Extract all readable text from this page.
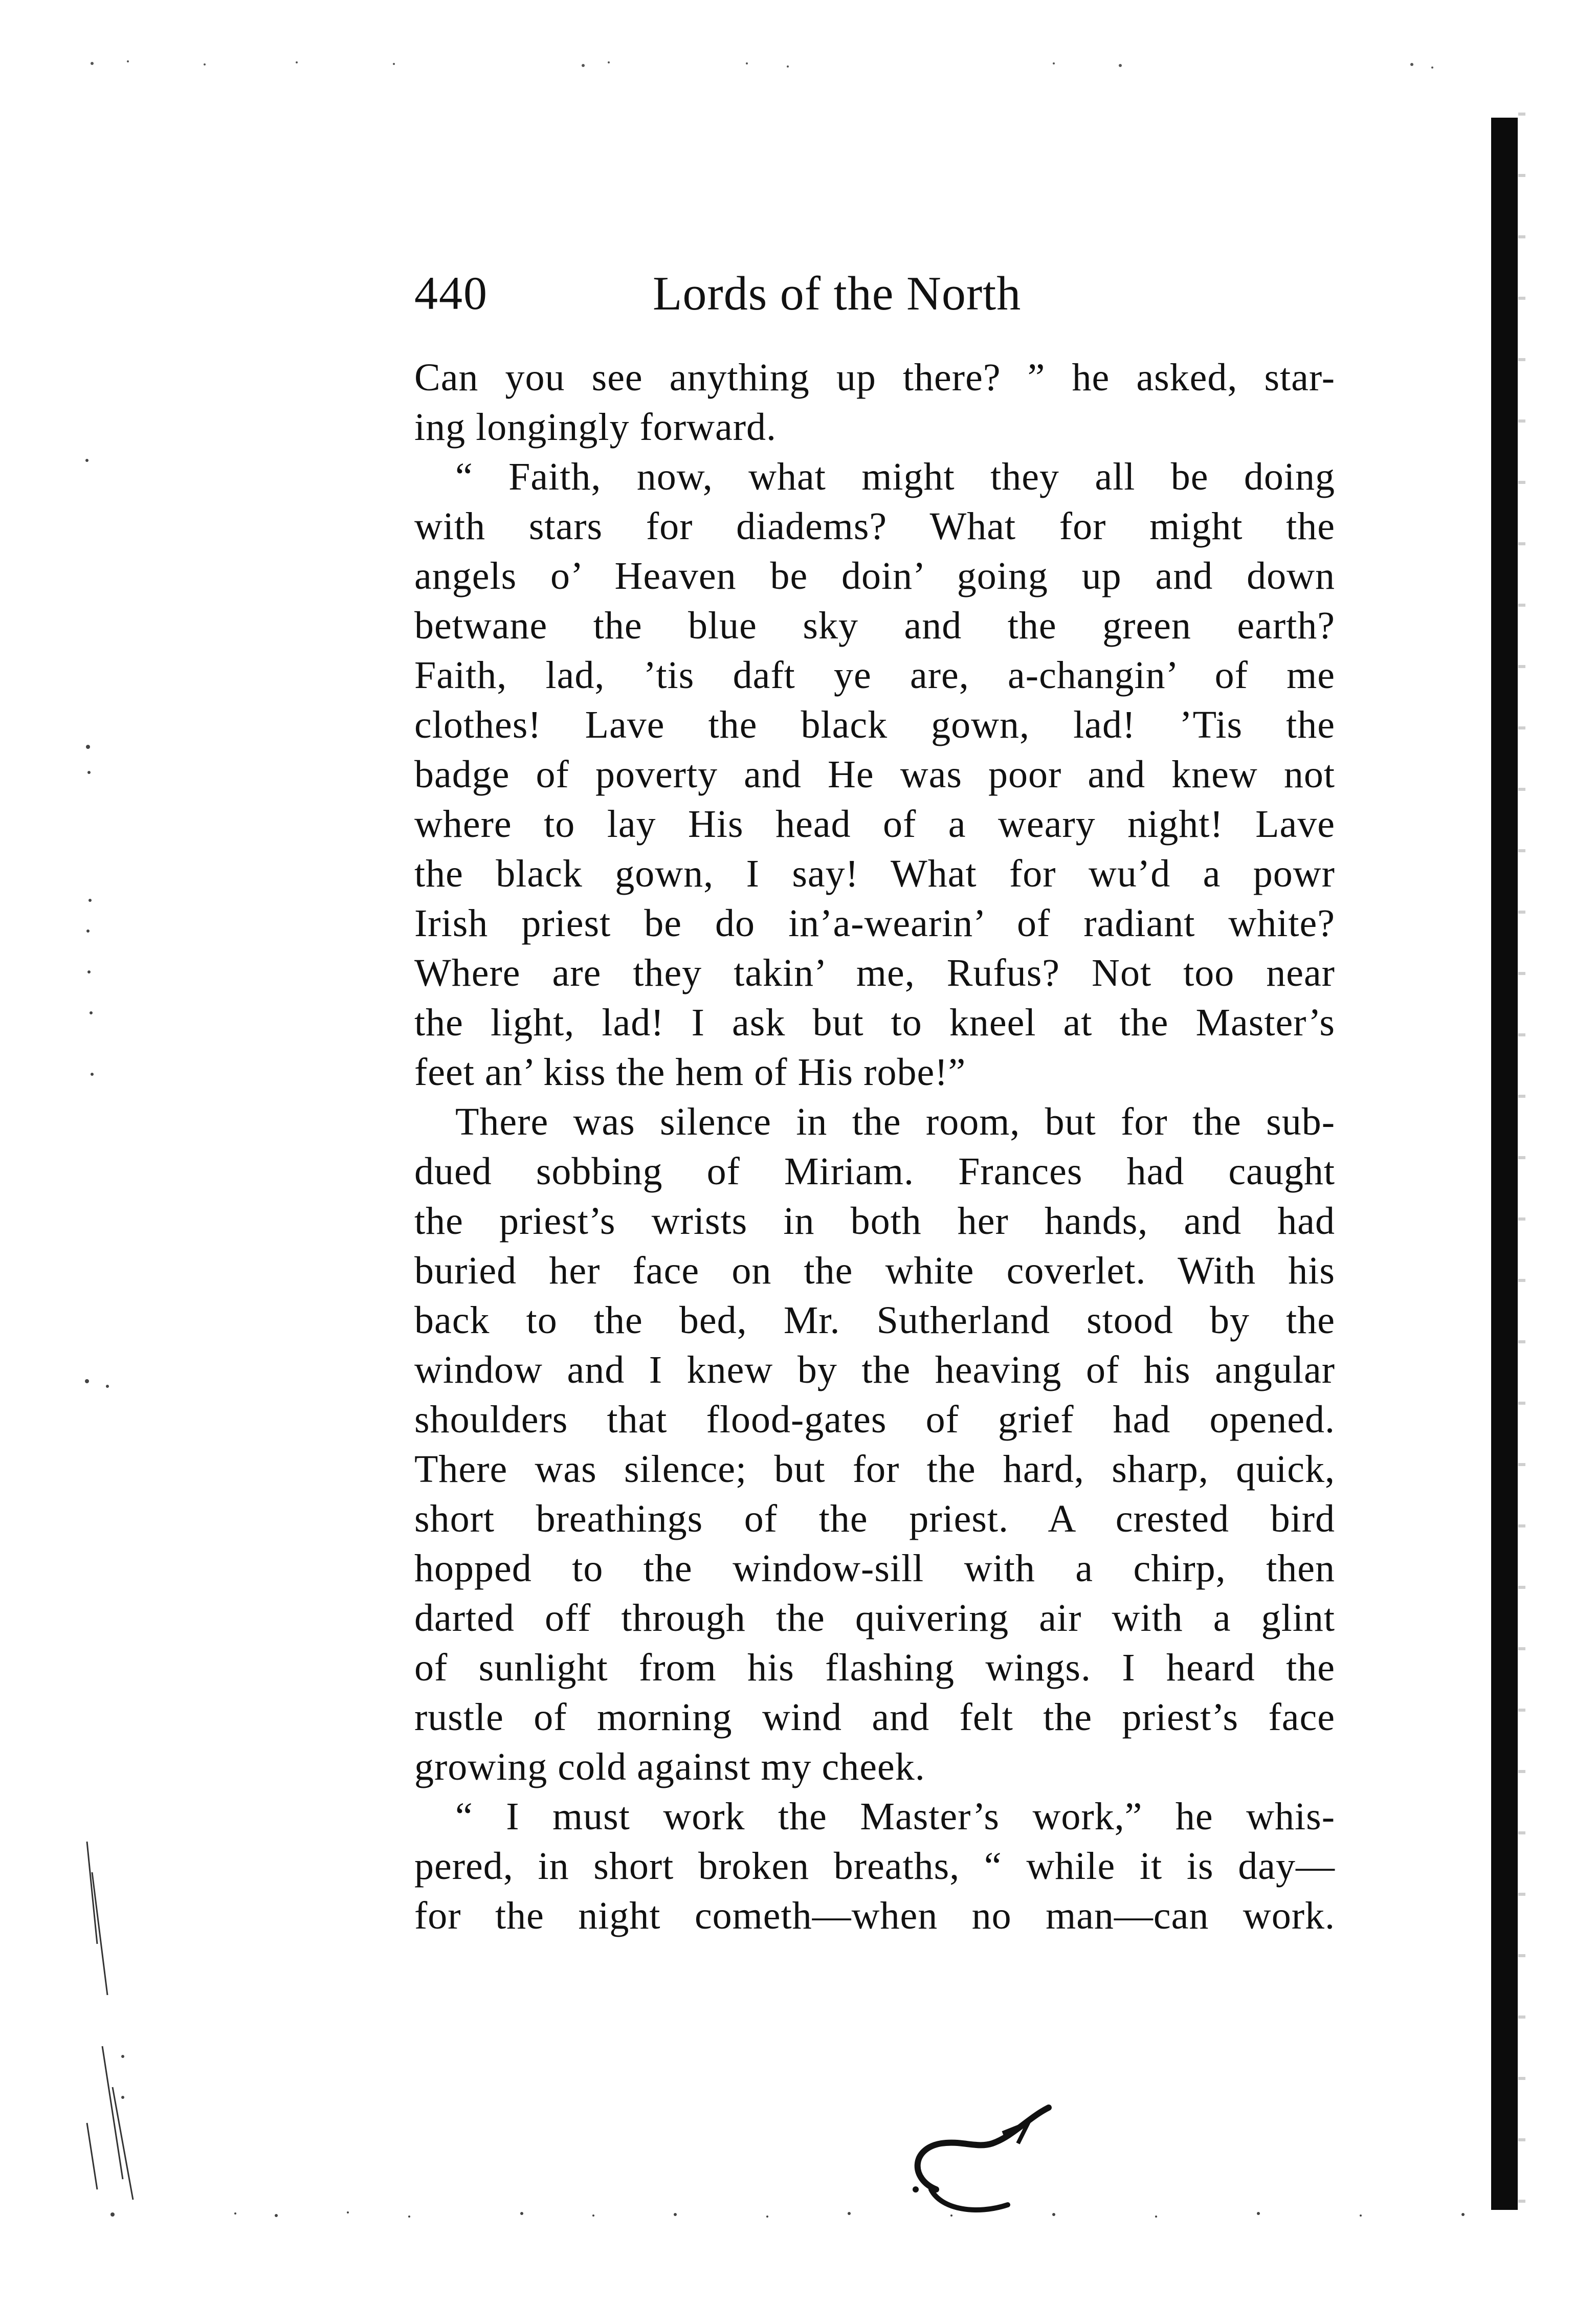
440	Lords of the North
Can you see anything up there? ” he asked, star-
ing longingly forward.
“ Faith, now, what might they all be doing
with stars for diadems? What for might the
angels o’ Heaven be doin’ going up and down
betwane the blue sky and the green earth?
Faith, lad, ’tis daft ye are, a-changin’ of me
clothes! Lave the black gown, lad! ’Tis the
badge of poverty and He was poor and knew not
where to lay His head of a weary night! Lave
the black gown, I say! What for wu’d a powr
Irish priest be do in’a-wearin’ of radiant white?
Where are they takin’ me, Rufus? Not too near
the light, lad! I ask but to kneel at the Master’s
feet an’ kiss the hem of His robe!”
There was silence in the room, but for the sub-
dued sobbing of Miriam. Frances had caught
the priest’s wrists in both her hands, and had
buried her face on the white coverlet. With his
back to the bed, Mr. Sutherland stood by the
window and I knew by the heaving of his angular
shoulders that flood-gates of grief had opened.
There was silence; but for the hard, sharp, quick,
short breathings of the priest. A crested bird
hopped to the window-sill with a chirp, then
darted off through the quivering air with a glint
of sunlight from his flashing wings. I heard the
rustle of morning wind and felt the priest’s face
growing cold against my cheek.
“ I must work the Master’s work,” he whis-
pered, in short broken breaths, “ while it is day—
for the night cometh—when no man—can work.
